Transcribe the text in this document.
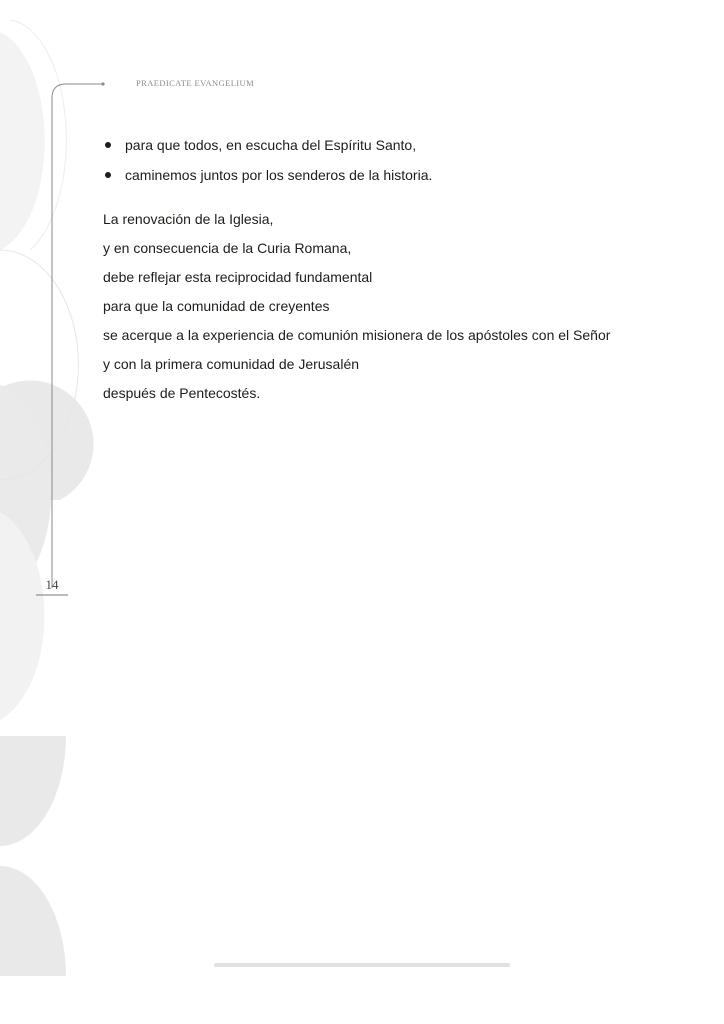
PRAEDICATE EVANGELIUM
para que todos, en escucha del Espíritu Santo,
caminemos juntos por los senderos de la historia.
La renovación de la Iglesia,
y en consecuencia de la Curia Romana,
debe reflejar esta reciprocidad fundamental
para que la comunidad de creyentes
se acerque a la experiencia de comunión misionera de los apóstoles con el Señor
y con la primera comunidad de Jerusalén
después de Pentecostés.
14
